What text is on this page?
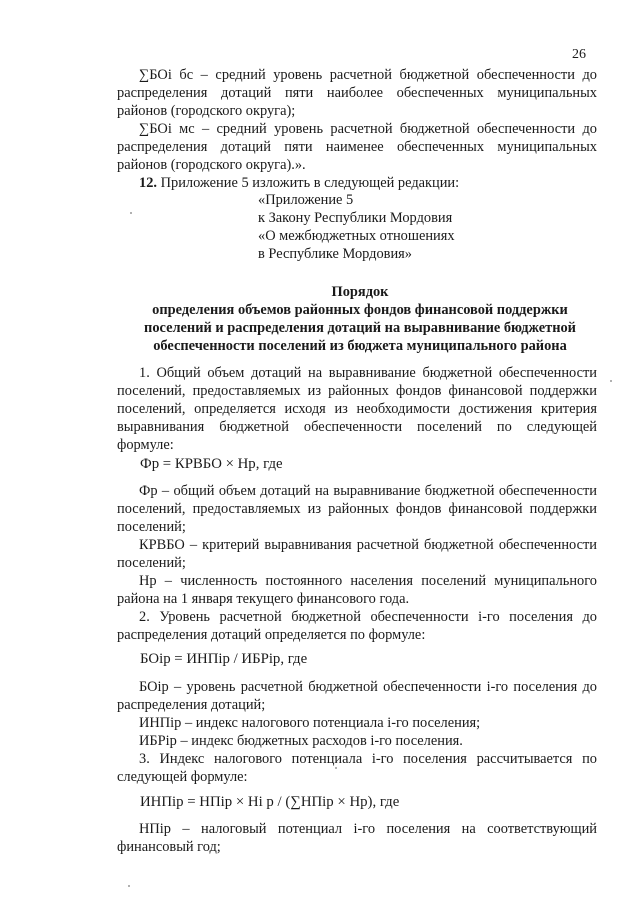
26
∑БОi бс – средний уровень расчетной бюджетной обеспеченности до распределения дотаций пяти наиболее обеспеченных муниципальных районов (городского округа);
∑БОi мс – средний уровень расчетной бюджетной обеспеченности до распределения дотаций пяти наименее обеспеченных муниципальных районов (городского округа).».
12. Приложение 5 изложить в следующей редакции:
«Приложение 5
к Закону Республики Мордовия
«О межбюджетных отношениях
в Республике Мордовия»
Порядок
определения объемов районных фондов финансовой поддержки
поселений и распределения дотаций на выравнивание бюджетной
обеспеченности поселений из бюджета муниципального района
1. Общий объем дотаций на выравнивание бюджетной обеспеченности поселений, предоставляемых из районных фондов финансовой поддержки поселений, определяется исходя из необходимости достижения критерия выравнивания бюджетной обеспеченности поселений по следующей формуле:
Фр = КРВБО × Нр, где
Фр – общий объем дотаций на выравнивание бюджетной обеспеченности поселений, предоставляемых из районных фондов финансовой поддержки поселений;
КРВБО – критерий выравнивания расчетной бюджетной обеспеченности поселений;
Нр – численность постоянного населения поселений муниципального района на 1 января текущего финансового года.
2. Уровень расчетной бюджетной обеспеченности i-го поселения до распределения дотаций определяется по формуле:
БОiр = ИНПiр / ИБРiр, где
БОiр – уровень расчетной бюджетной обеспеченности i-го поселения до распределения дотаций;
ИНПiр – индекс налогового потенциала i-го поселения;
ИБРiр – индекс бюджетных расходов i-го поселения.
3. Индекс налогового потенциала i-го поселения рассчитывается по следующей формуле:
ИНПiр = НПiр × Нi р / (∑НПiр × Нр), где
НПiр – налоговый потенциал i-го поселения на соответствующий финансовый год;
